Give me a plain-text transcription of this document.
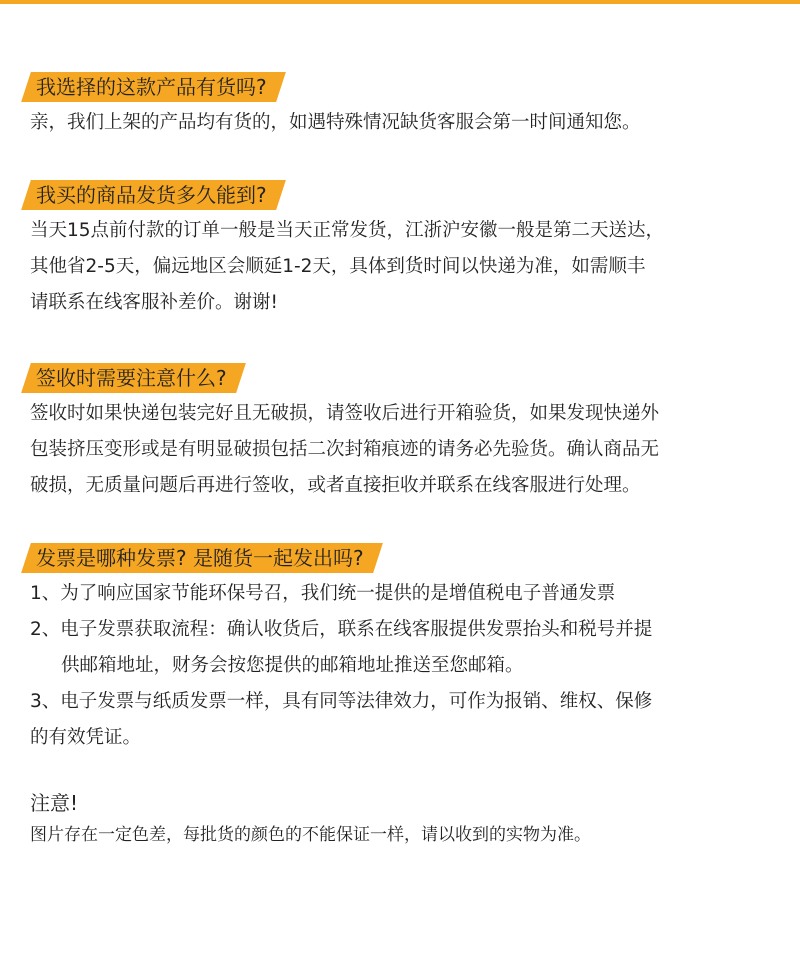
我选择的这款产品有货吗?

亲，我们上架的产品均有货的，如遇特殊情况缺货客服会第一时间通知您。

我买的商品发货多久能到?

当天15点前付款的订单一般是当天正常发货，江浙沪安徽一般是第二天送达，

其他省2-5天，偏远地区会顺延1-2天，具体到货时间以快递为准，如需顺丰

请联系在线客服补差价。谢谢!

签收时需要注意什么?

签收时如果快递包装完好且无破损，请签收后进行开箱验货，如果发现快递外

包装挤压变形或是有明显破损包括二次封箱痕迹的请务必先验货。确认商品无

破损，无质量问题后再进行签收，或者直接拒收并联系在线客服进行处理。

发票是哪种发票? 是随货一起发出吗?

1、为了响应国家节能环保号召，我们统一提供的是增值税电子普通发票

2、电子发票获取流程：确认收货后，联系在线客服提供发票抬头和税号并提

供邮箱地址，财务会按您提供的邮箱地址推送至您邮箱。

3、电子发票与纸质发票一样，具有同等法律效力，可作为报销、维权、保修

的有效凭证。

注意!

图片存在一定色差，每批货的颜色的不能保证一样，请以收到的实物为准。
